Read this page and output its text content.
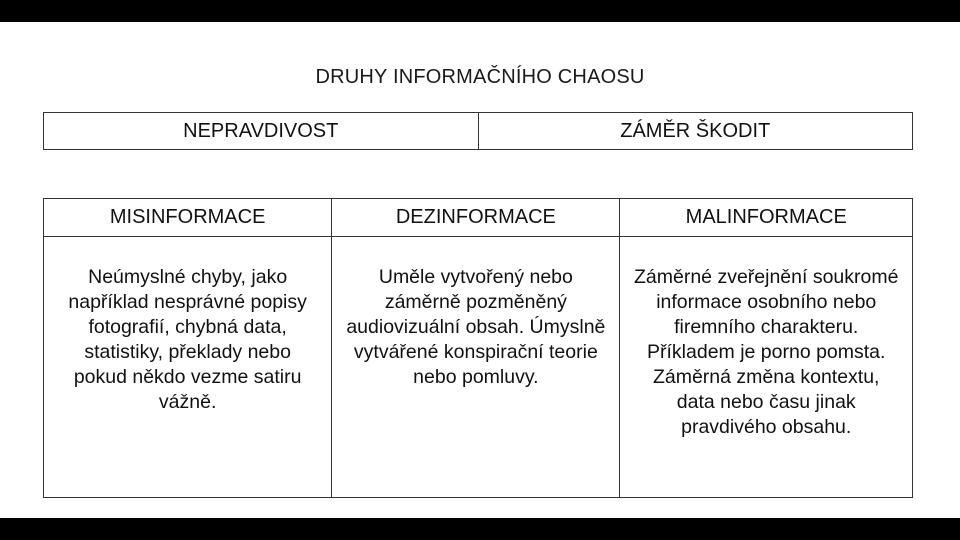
DRUHY INFORMAČNÍHO CHAOSU
NEPRAVDIVOST	ZÁMĚR ŠKODIT
MISINFORMACE	DEZINFORMACE	MALINFORMACE
Neúmyslné chyby, jako například nesprávné popisy fotografií, chybná data, statistiky, překlady nebo pokud někdo vezme satiru vážně.	Uměle vytvořený nebo záměrně pozměněný audiovizuální obsah. Úmyslně vytvářené konspirační teorie nebo pomluvy.	Záměrné zveřejnění soukromé informace osobního nebo firemního charakteru. Příkladem je porno pomsta. Záměrná změna kontextu, data nebo času jinak pravdivého obsahu.
